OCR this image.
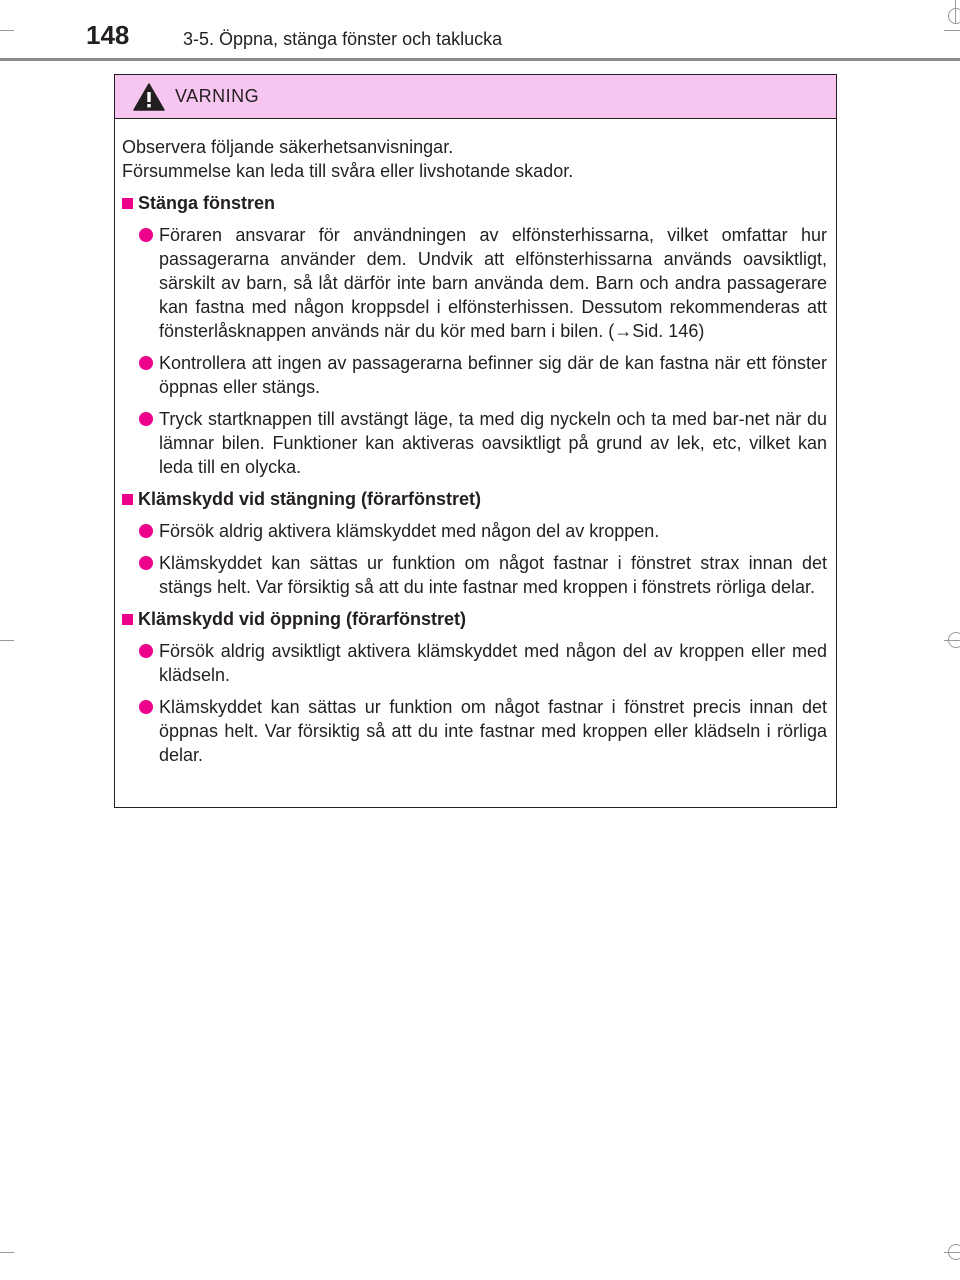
148	3-5. Öppna, stänga fönster och taklucka
VARNING

Observera följande säkerhetsanvisningar.

Försummelse kan leda till svåra eller livshotande skador.

Stänga fönstren
Föraren ansvarar för användningen av elfönsterhissarna, vilket omfattar hur passagerarna använder dem. Undvik att elfönsterhissarna används oavsiktligt, särskilt av barn, så låt därför inte barn använda dem. Barn och andra passagerare kan fastna med någon kroppsdel i elfönsterhissen. Dessutom rekommenderas att fönsterlåsknappen används när du kör med barn i bilen. (→Sid. 146)
Kontrollera att ingen av passagerarna befinner sig där de kan fastna när ett fönster öppnas eller stängs.
Tryck startknappen till avstängt läge, ta med dig nyckeln och ta med bar-net när du lämnar bilen. Funktioner kan aktiveras oavsiktligt på grund av lek, etc, vilket kan leda till en olycka.
Klämskydd vid stängning (förarfönstret)
Försök aldrig aktivera klämskyddet med någon del av kroppen.
Klämskyddet kan sättas ur funktion om något fastnar i fönstret strax innan det stängs helt. Var försiktig så att du inte fastnar med kroppen i fönstrets rörliga delar.
Klämskydd vid öppning (förarfönstret)
Försök aldrig avsiktligt aktivera klämskyddet med någon del av kroppen eller med klädseln.
Klämskyddet kan sättas ur funktion om något fastnar i fönstret precis innan det öppnas helt. Var försiktig så att du inte fastnar med kroppen eller klädseln i rörliga delar.
